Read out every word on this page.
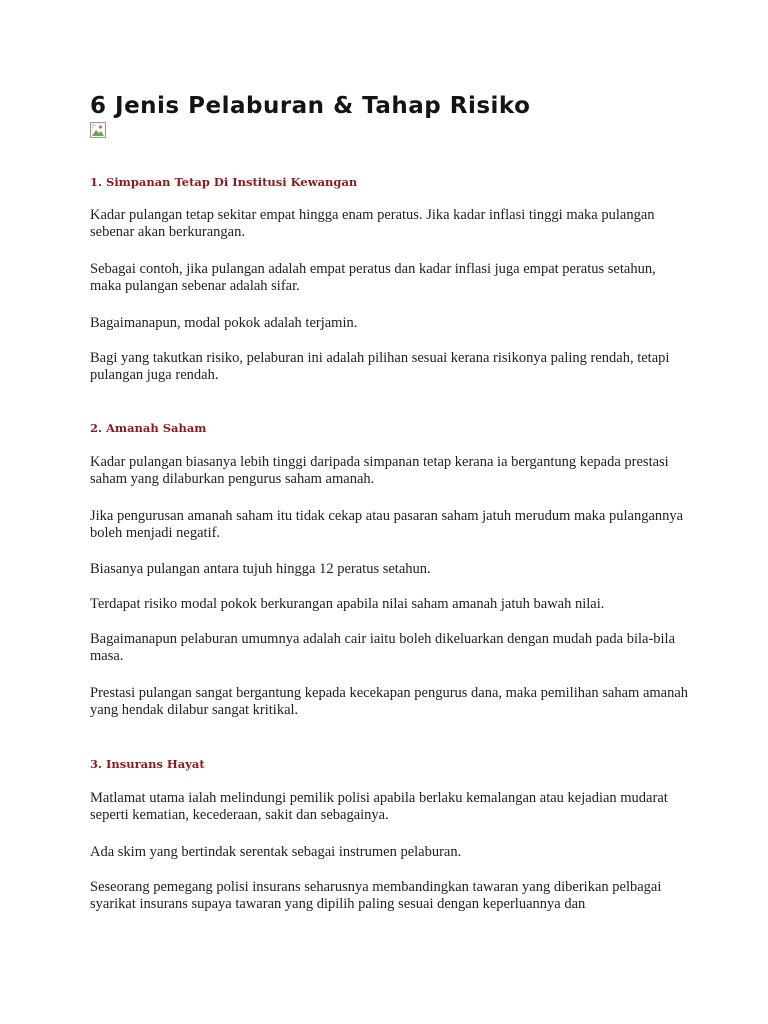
6 Jenis Pelaburan & Tahap Risiko
1. Simpanan Tetap Di Institusi Kewangan

Kadar pulangan tetap sekitar empat hingga enam peratus. Jika kadar inflasi tinggi maka pulangan sebenar akan berkurangan.

Sebagai contoh, jika pulangan adalah empat peratus dan kadar inflasi juga empat peratus setahun, maka pulangan sebenar adalah sifar.

Bagaimanapun, modal pokok adalah terjamin.

Bagi yang takutkan risiko, pelaburan ini adalah pilihan sesuai kerana risikonya paling rendah, tetapi pulangan juga rendah.

2. Amanah Saham

Kadar pulangan biasanya lebih tinggi daripada simpanan tetap kerana ia bergantung kepada prestasi saham yang dilaburkan pengurus saham amanah.

Jika pengurusan amanah saham itu tidak cekap atau pasaran saham jatuh merudum maka pulangannya boleh menjadi negatif.

Biasanya pulangan antara tujuh hingga 12 peratus setahun.

Terdapat risiko modal pokok berkurangan apabila nilai saham amanah jatuh bawah nilai.

Bagaimanapun pelaburan umumnya adalah cair iaitu boleh dikeluarkan dengan mudah pada bila-bila masa.

Prestasi pulangan sangat bergantung kepada kecekapan pengurus dana, maka pemilihan saham amanah yang hendak dilabur sangat kritikal.

3. Insurans Hayat

Matlamat utama ialah melindungi pemilik polisi apabila berlaku kemalangan atau kejadian mudarat seperti kematian, kecederaan, sakit dan sebagainya.

Ada skim yang bertindak serentak sebagai instrumen pelaburan.

Seseorang pemegang polisi insurans seharusnya membandingkan tawaran yang diberikan pelbagai syarikat insurans supaya tawaran yang dipilih paling sesuai dengan keperluannya dan
